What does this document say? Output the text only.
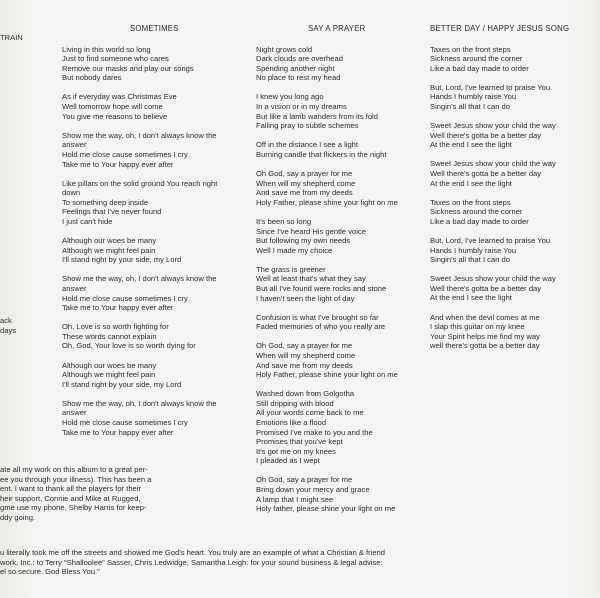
TRAIN
ack
days
ate all my work on this album to a great per-
ee you through your illness). This has been a
ent. I want to thank all the players for their
heir support, Connie and Mike at Rugged,
gme use my phone, Shelby Harris for keep-
ddy going.
u literally took me off the streets and showed me God's heart. You truly are an example of what a Christian & friend
work, Inc.: to Terry "Shalloolee" Sasser, Chris Ledwidge, Samantha Leigh: for your sound business & legal advise:
el so secure. God Bless You."
SOMETIMES
Living in this world so long
Just to find someone who cares
Remove our masks and play our songs
But nobody dares
As if everyday was Christmas Eve
Well tomorrow hope will come
You give me reasons to believe
Show me the way, oh, I don't always know the
answer
Hold me close cause sometimes I cry
Take me to Your happy ever after
Like pillars on the solid ground You reach right
down
To something deep inside
Feelings that I've never found
I just can't hide
Although our woes be many
Although we might feel pain
I'll stand right by your side, my Lord
Show me the way, oh, I don't always know the
answer
Hold me close cause sometimes I cry
Take me to Your happy ever after
Oh, Love is so worth fighting for
These words cannot explain
Oh, God, Your love is so worth dying for
Although our woes be many
Although we might feel pain
I'll stand right by your side, my Lord
Show me the way, oh, I don't always know the
answer
Hold me close cause sometimes I cry
Take me to Your happy ever after
SAY A PRAYER
Night grows cold
Dark clouds are overhead
Spending another night
No place to rest my head
I knew you long ago
In a vision or in my dreams
But like a lamb wanders from its fold
Falling pray to subtle schemes
Off in the distance I see a light
Burning candle that flickers in the night
Oh God, say a prayer for me
When will my shepherd come
And save me from my deeds
Holy Father, please shine your light on me
It's been so long
Since I've heard His gentle voice
But following my own needs
Well I made my choice
The grass is greener
Well at least that's what they say
But all I've found were rocks and stone
I haven't seen the light of day
Confusion is what I've brought so far
Faded memories of who you really are
Oh God, say a prayer for me
When will my shepherd come
And save me from my deeds
Holy Father, please shine your light on me
Washed down from Golgotha
Still dripping with blood
All your words come back to me
Emotions like a flood
Promised I've make to you and the
Promises that you've kept
It's got me on my knees
I pleaded as I wept
Oh God, say a prayer for me
Bring down your mercy and grace
A lamp that I might see
Holy father, please shine your light on me
BETTER DAY / HAPPY JESUS SONG
Taxes on the front steps
Sickness around the corner
Like a bad day made to order
But, Lord, I've learned to praise You
Hands I humbly raise You
Singin's all that I can do
Sweet Jesus show your child the way
Well there's gotta be a better day
At the end I see the light
Sweet Jesus show your child the way
Well there's gotta be a better day
At the end I see the light
Taxes on the front steps
Sickness around the corner
Like a bad day made to order
But, Lord, I've learned to praise You
Hands I humbly raise You
Singin's all that I can do
Sweet Jesus show your child the way
Well there's gotta be a better day
At the end I see the light
And when the devil comes at me
I slap this guitar on my knee
Your Spirit helps me find my way
well there's gotta be a better day
